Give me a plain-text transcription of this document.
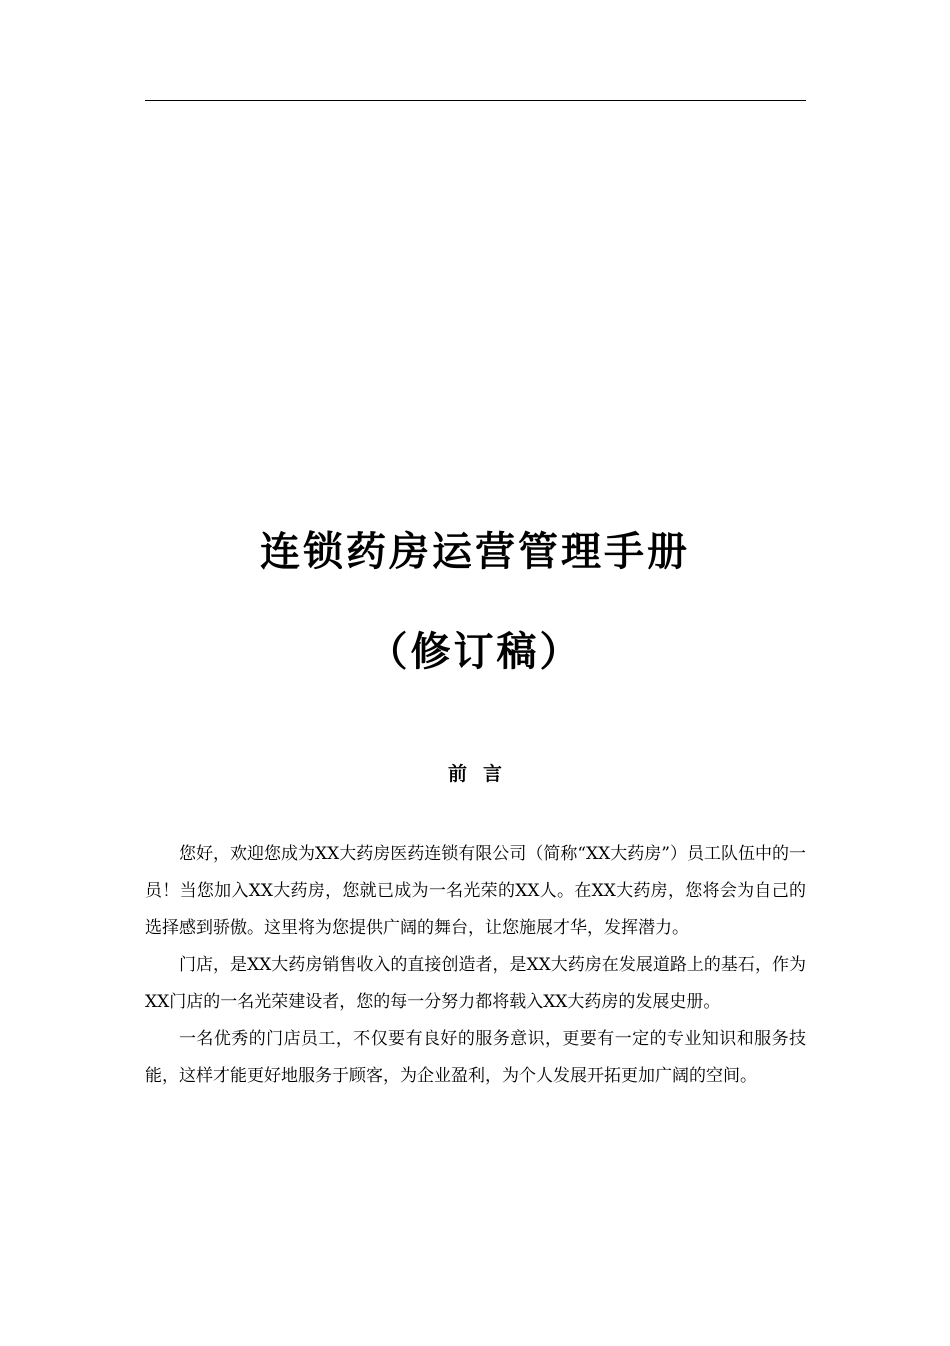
连锁药房运营管理手册
（修订稿）
前 言

您好，欢迎您成为XX大药房医药连锁有限公司（简称“XX大药房”）员工队伍中的一员！当您加入XX大药房，您就已成为一名光荣的XX人。在XX大药房，您将会为自己的选择感到骄傲。这里将为您提供广阔的舞台，让您施展才华，发挥潜力。

门店，是XX大药房销售收入的直接创造者，是XX大药房在发展道路上的基石，作为XX门店的一名光荣建设者，您的每一分努力都将载入XX大药房的发展史册。

一名优秀的门店员工，不仅要有良好的服务意识，更要有一定的专业知识和服务技能，这样才能更好地服务于顾客，为企业盈利，为个人发展开拓更加广阔的空间。
